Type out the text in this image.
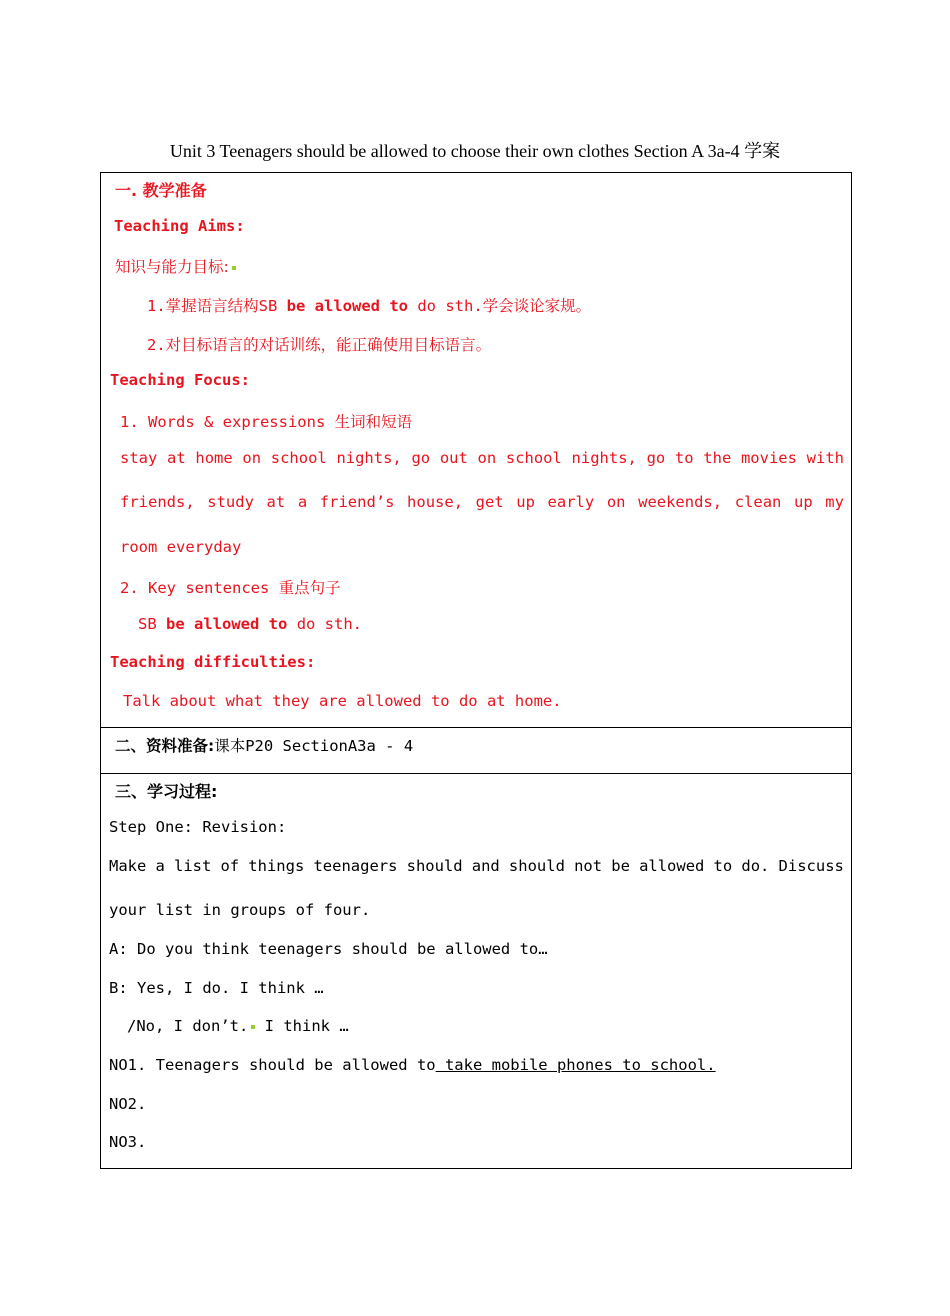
Unit 3 Teenagers should be allowed to choose their own clothes Section A 3a-4 学案
一. 教学准备
Teaching Aims:
知识与能力目标:
1.掌握语言结构SB be allowed to do sth.学会谈论家规。
2.对目标语言的对话训练，能正确使用目标语言。
Teaching Focus:
1. Words & expressions 生词和短语
stay at home on school nights, go out on school nights, go to the movies with
friends, study at a friend’s house, get up early on weekends, clean up my
room everyday
2. Key sentences 重点句子
SB be allowed to do sth.
Teaching difficulties:
Talk about what they are allowed to do at home.
二、资料准备:课本P20 SectionA3a - 4
三、学习过程:
Step One: Revision:
Make a list of things teenagers should and should not be allowed to do. Discuss
your list in groups of four.
A: Do you think teenagers should be allowed to…
B: Yes, I do. I think …
/No, I don’t. I think …
NO1. Teenagers should be allowed to take mobile phones to school.
NO2.
NO3.
